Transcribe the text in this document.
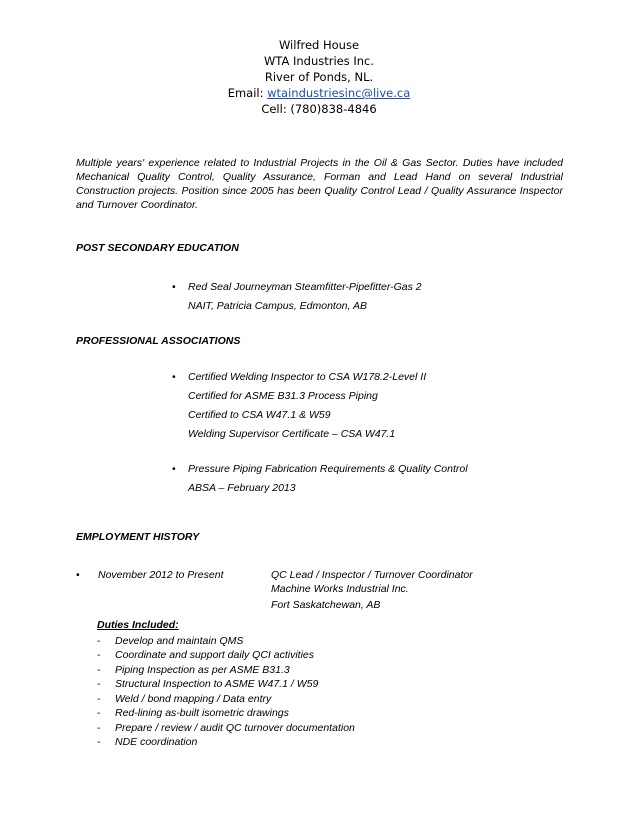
Wilfred House
WTA Industries Inc.
River of Ponds, NL.
Email: wtaindustriesinc@live.ca
Cell: (780)838-4846
Multiple years' experience related to Industrial Projects in the Oil & Gas Sector. Duties have included Mechanical Quality Control, Quality Assurance, Forman and Lead Hand on several Industrial Construction projects. Position since 2005 has been Quality Control Lead / Quality Assurance Inspector and Turnover Coordinator.
POST SECONDARY EDUCATION
• Red Seal Journeyman Steamfitter-Pipefitter-Gas 2
NAIT, Patricia Campus, Edmonton, AB
PROFESSIONAL ASSOCIATIONS
• Certified Welding Inspector to CSA W178.2-Level II
Certified for ASME B31.3 Process Piping
Certified to CSA W47.1 & W59
Welding Supervisor Certificate – CSA W47.1
• Pressure Piping Fabrication Requirements & Quality Control
ABSA – February 2013
EMPLOYMENT HISTORY
• November 2012 to Present	QC Lead / Inspector / Turnover Coordinator
Machine Works Industrial Inc.
Fort Saskatchewan, AB
Duties Included:
- Develop and maintain QMS
- Coordinate and support daily QCI activities
- Piping Inspection as per ASME B31.3
- Structural Inspection to ASME W47.1 / W59
- Weld / bond mapping / Data entry
- Red-lining as-built isometric drawings
- Prepare / review / audit QC turnover documentation
- NDE coordination
